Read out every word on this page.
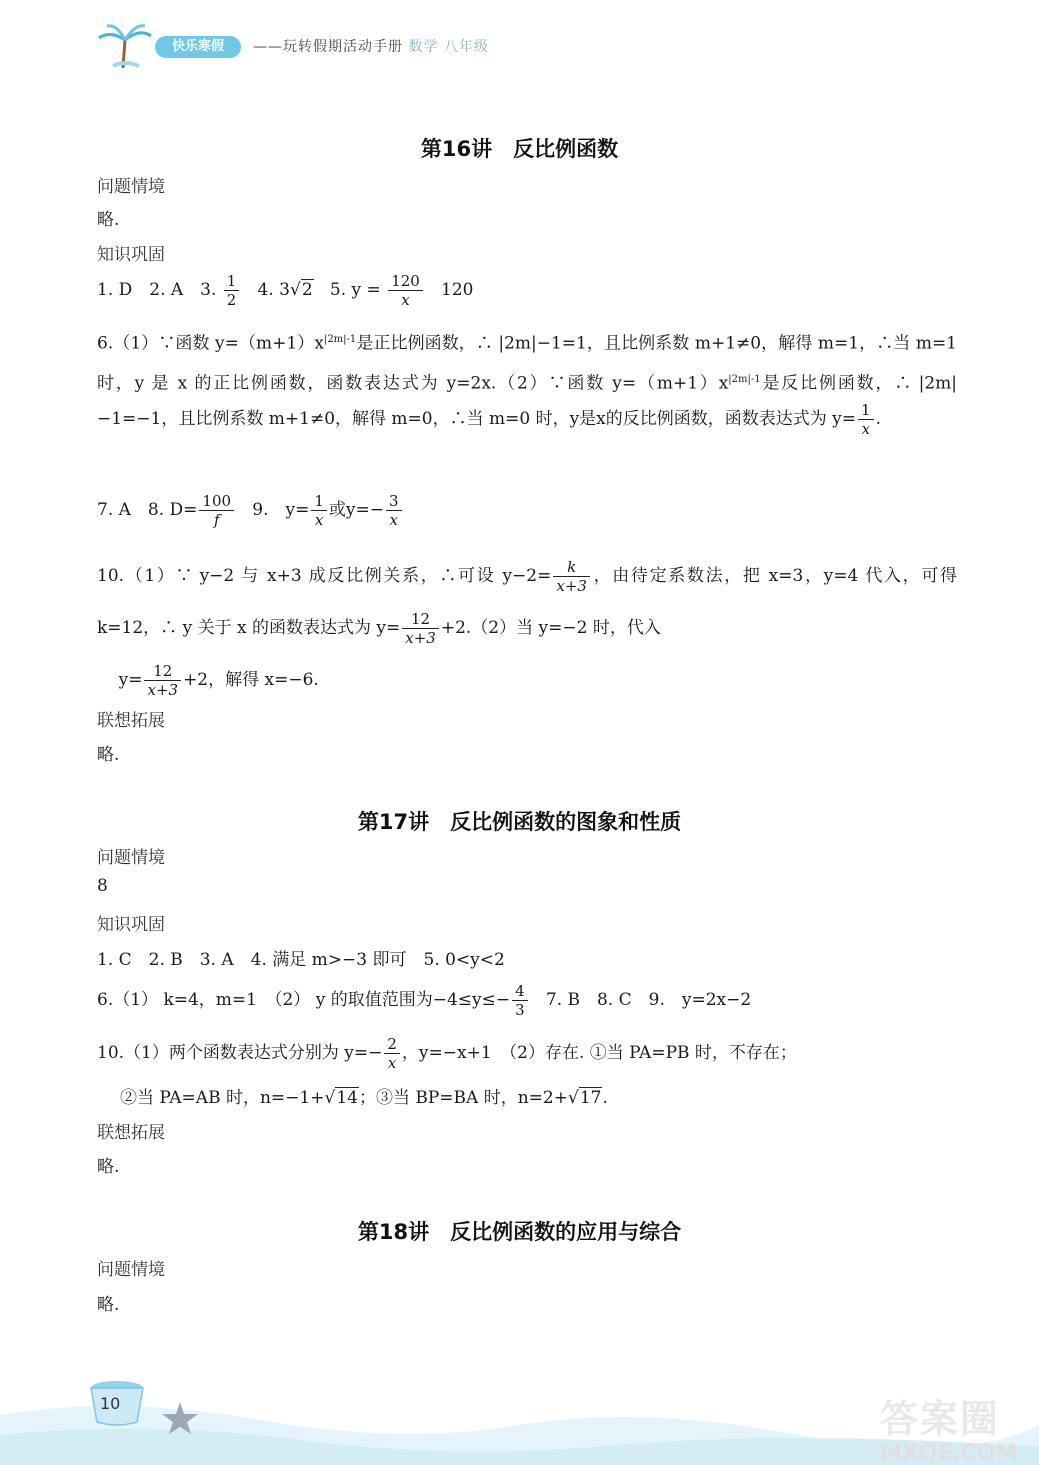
快乐寒假	——玩转假期活动手册 数学 八年级
第16讲　反比例函数
问题情境
略.
知识巩固
1. D　2. A　3. $\frac{1}{2} 4$. 3√2 5. $y = \frac{120}{x} 120$
6.（1）∵函数 $y=(m+1)x^{|2m|-1}$是正比例函数，∴ |2m|−1=1，且比例系数 m+1≠0，解得 m=1，∴当 m=1 时，y 是 x 的正比例函数，函数表达式为 y=2x.（2）∵函数 $y=(m+1)x^{|2m|-1}$是反比例函数，∴ |2m|−1=−1，且比例系数 m+1≠0，解得 m=0，∴当 m=0 时，y是x的反比例函数，函数表达式为 $y= \frac{1}{x}$ .
7. A　8. $D= \frac{100}{f} 9$.　$y= \frac{1}{x}$ 或$y=- \frac{3}{x}$
10.（1）∵ y−2 与 x+3 成反比例关系，∴可设 $y-2= \frac{k}{x+3}$ ，由待定系数法，把 x=3，y=4 代入，可得 k=12，∴ y 关于 x 的函数表达式为 $y= \frac{12}{x+3} +2.(2)$当 y=−2 时，代入
$y= \frac{12}{x+3} +2$，解得 x=−6.
联想拓展
略.
第17讲　反比例函数的图象和性质
问题情境
8
知识巩固
1. C　2. B　3. A　4. 满足 m>−3 即可　5. 0<y<2
6.（1） k=4，m=1　（2） y 的取值范围为$-4\le y\le- \frac{4}{3} 7$. B　8. C　9.　y=2x−2
10.（1）两个函数表达式分别为 $y=- \frac{2}{x}$ ，y=−x+1　（2）存在. ①当 PA=PB 时，不存在；
②当 PA=AB 时，n=−1+√14；③当 BP=BA 时，n=2+√17.
联想拓展
略.
第18讲　反比例函数的应用与综合
问题情境
略.
10	答案圈
MXQE.COM
